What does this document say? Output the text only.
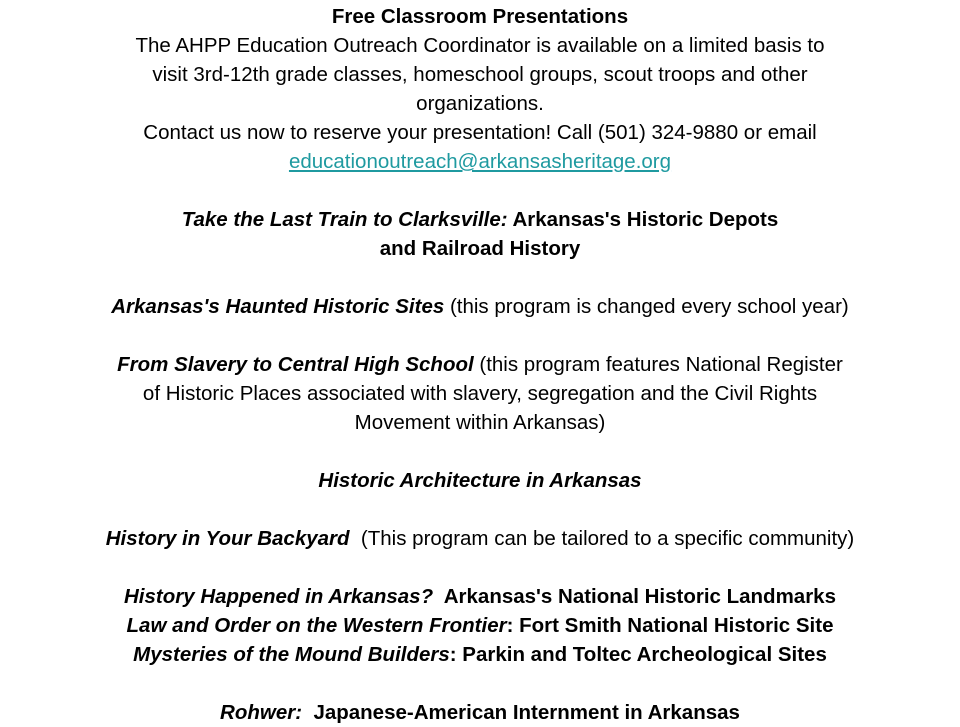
Free Classroom Presentations
The AHPP Education Outreach Coordinator is available on a limited basis to
visit 3rd-12th grade classes, homeschool groups, scout troops and other
organizations.
Contact us now to reserve your presentation! Call (501) 324-9880 or email
educationoutreach@arkansasheritage.org
Take the Last Train to Clarksville: Arkansas's Historic Depots
and Railroad History
Arkansas's Haunted Historic Sites (this program is changed every school year)
From Slavery to Central High School (this program features National Register
of Historic Places associated with slavery, segregation and the Civil Rights
Movement within Arkansas)
Historic Architecture in Arkansas
History in Your Backyard  (This program can be tailored to a specific community)
History Happened in Arkansas?  Arkansas's National Historic Landmarks
Law and Order on the Western Frontier: Fort Smith National Historic Site
Mysteries of the Mound Builders: Parkin and Toltec Archeological Sites
Rohwer:  Japanese-American Internment in Arkansas
